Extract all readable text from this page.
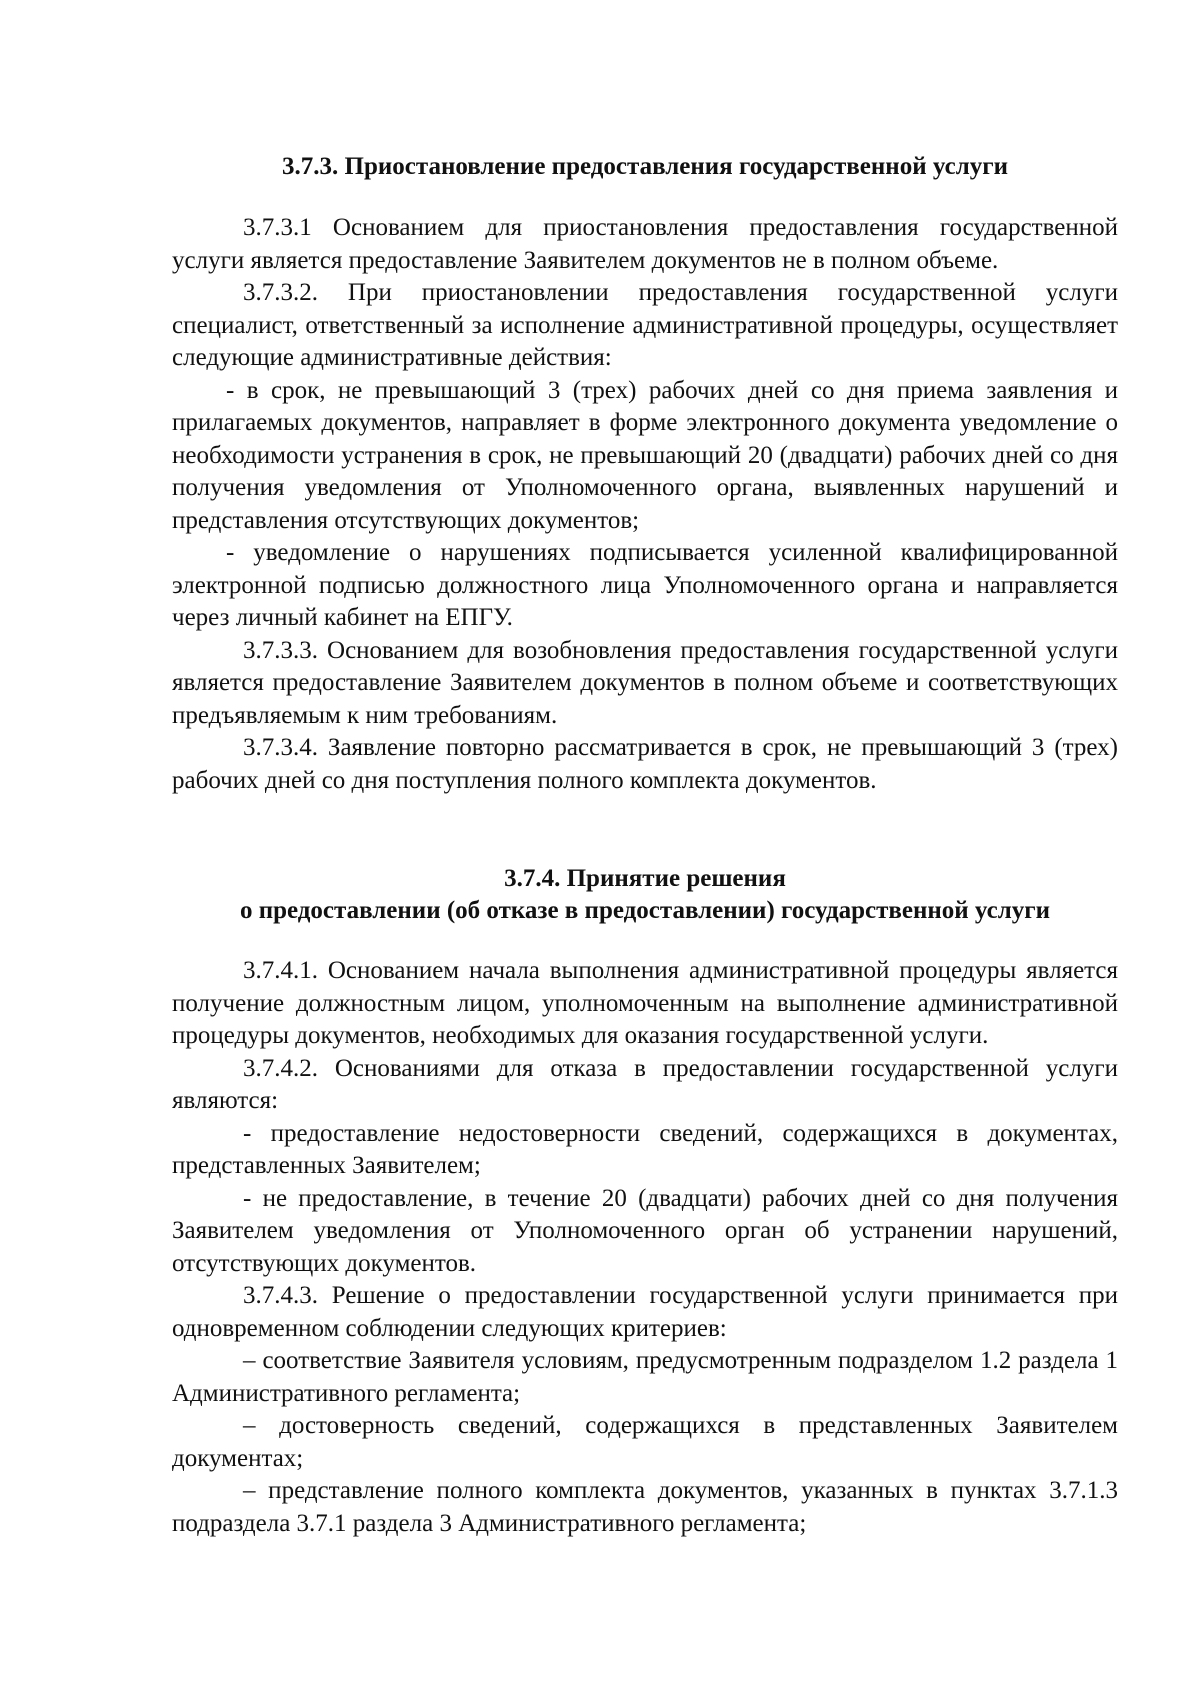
3.7.3. Приостановление предоставления государственной услуги

3.7.3.1 Основанием для приостановления предоставления государственной услуги является предоставление Заявителем документов не в полном объеме.

3.7.3.2. При приостановлении предоставления государственной услуги специалист, ответственный за исполнение административной процедуры, осуществляет следующие административные действия:

- в срок, не превышающий 3 (трех) рабочих дней со дня приема заявления и прилагаемых документов, направляет в форме электронного документа уведомление о необходимости устранения в срок, не превышающий 20 (двадцати) рабочих дней со дня получения уведомления от Уполномоченного органа, выявленных нарушений и представления отсутствующих документов;

- уведомление о нарушениях подписывается усиленной квалифицированной электронной подписью должностного лица Уполномоченного органа и направляется через личный кабинет на ЕПГУ.

3.7.3.3. Основанием для возобновления предоставления государственной услуги является предоставление Заявителем документов в полном объеме и соответствующих предъявляемым к ним требованиям.

3.7.3.4. Заявление повторно рассматривается в срок, не превышающий 3 (трех) рабочих дней со дня поступления полного комплекта документов.

3.7.4. Принятие решения
о предоставлении (об отказе в предоставлении) государственной услуги

3.7.4.1. Основанием начала выполнения административной процедуры является получение должностным лицом, уполномоченным на выполнение административной процедуры документов, необходимых для оказания государственной услуги.

3.7.4.2. Основаниями для отказа в предоставлении государственной услуги являются:

- предоставление недостоверности сведений, содержащихся в документах, представленных Заявителем;

- не предоставление, в течение 20 (двадцати) рабочих дней со дня получения Заявителем уведомления от Уполномоченного орган об устранении нарушений, отсутствующих документов.

3.7.4.3. Решение о предоставлении государственной услуги принимается при одновременном соблюдении следующих критериев:

– соответствие Заявителя условиям, предусмотренным подразделом 1.2 раздела 1 Административного регламента;

– достоверность сведений, содержащихся в представленных Заявителем документах;

– представление полного комплекта документов, указанных в пунктах 3.7.1.3 подраздела 3.7.1 раздела 3 Административного регламента;
